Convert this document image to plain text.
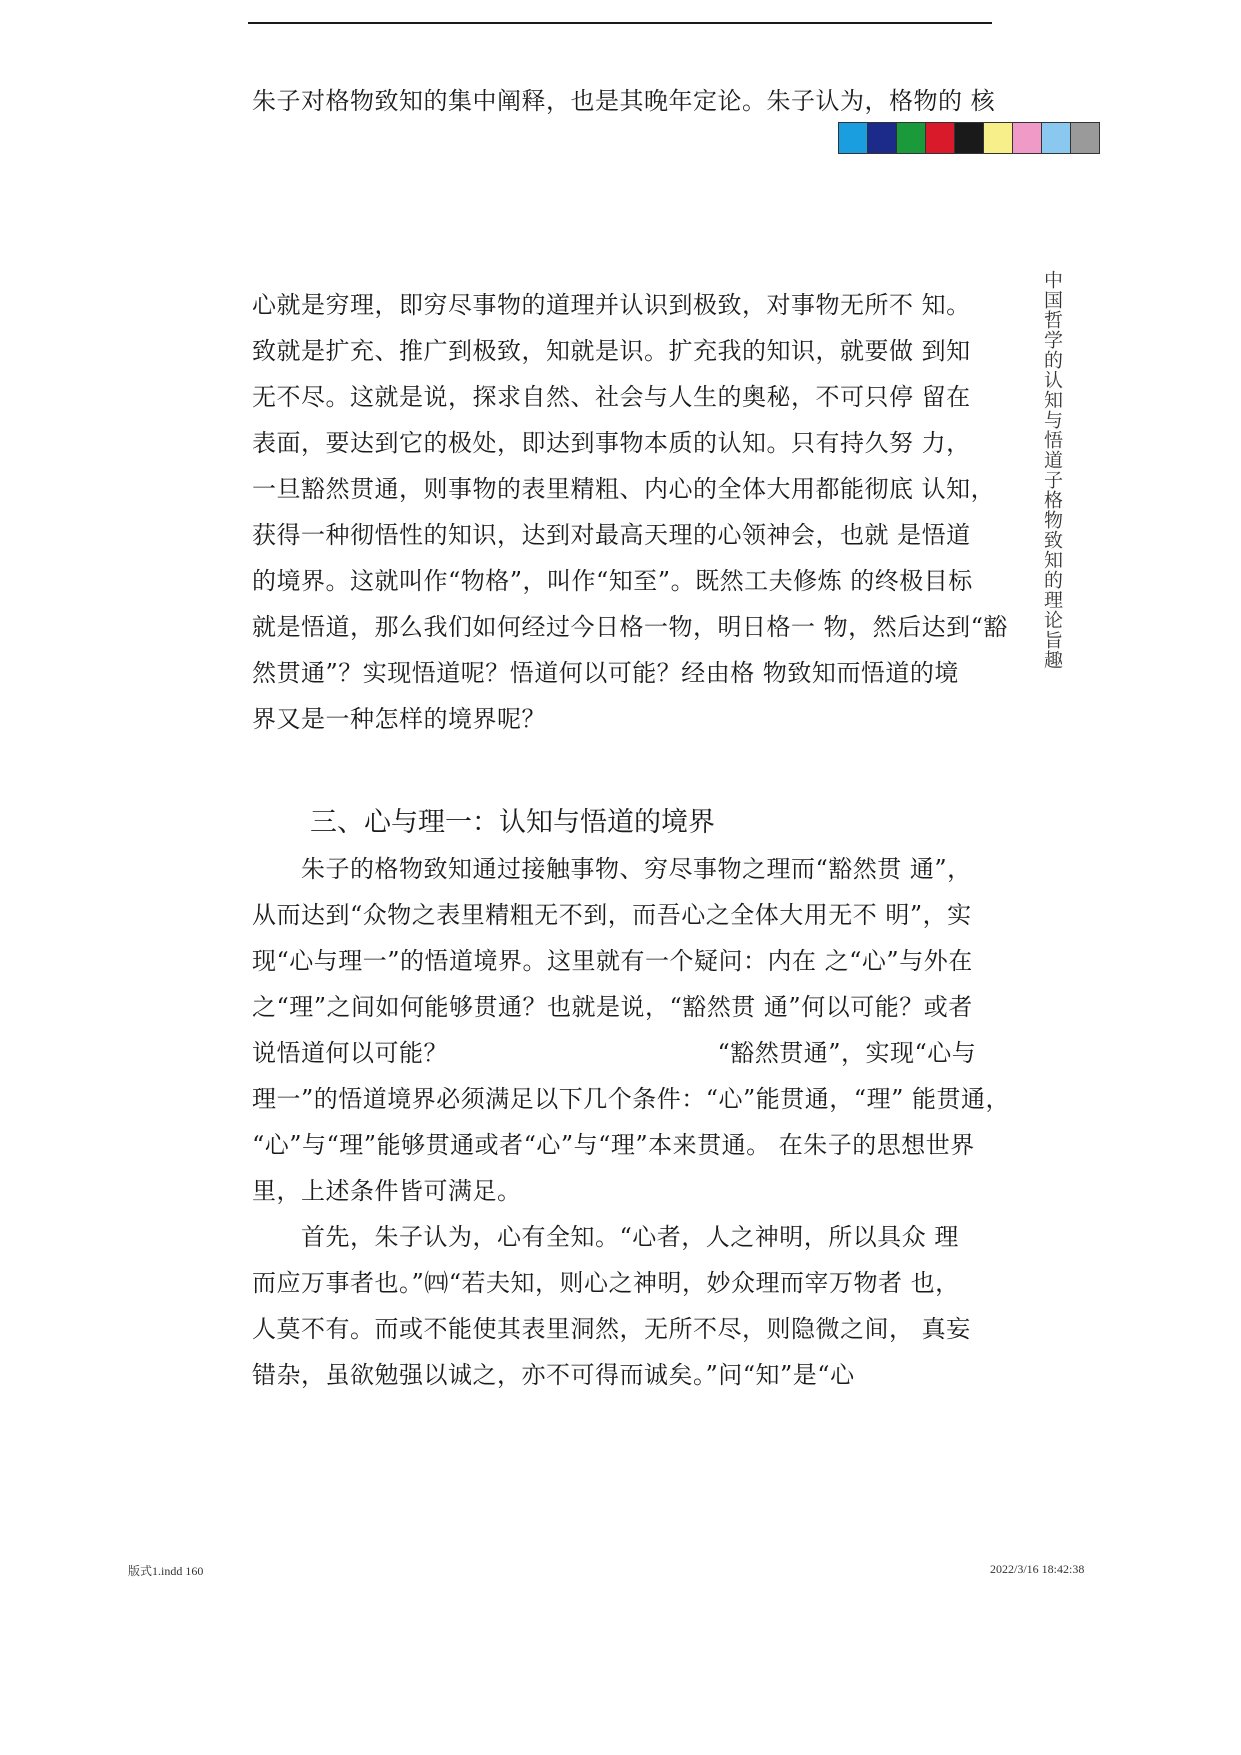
朱子对格物致知的集中阐释，也是其晚年定论。朱子认为，格物的 核
中国哲学的认知与悟道子格物致知的理论旨趣
心就是穷理，即穷尽事物的道理并认识到极致，对事物无所不 知。
致就是扩充、推广到极致，知就是识。扩充我的知识，就要做 到知
无不尽。这就是说，探求自然、社会与人生的奥秘，不可只停 留在
表面，要达到它的极处，即达到事物本质的认知。只有持久努 力，
一旦豁然贯通，则事物的表里精粗、内心的全体大用都能彻底 认知，
获得一种彻悟性的知识，达到对最高天理的心领神会，也就 是悟道
的境界。这就叫作“物格”，叫作“知至”。既然工夫修炼 的终极目标
就是悟道，那么我们如何经过今日格一物，明日格一 物，然后达到“豁
然贯通”？实现悟道呢？悟道何以可能？经由格 物致知而悟道的境
界又是一种怎样的境界呢？
三、心与理一：认知与悟道的境界
　　朱子的格物致知通过接触事物、穷尽事物之理而“豁然贯 通”，
从而达到“众物之表里精粗无不到，而吾心之全体大用无不 明”，实
现“心与理一”的悟道境界。这里就有一个疑问：内在 之“心”与外在
之“理”之间如何能够贯通？也就是说，“豁然贯 通”何以可能？或者
说悟道何以可能？　　　　　　　　　　　“豁然贯通”，实现“心与
理一”的悟道境界必须满足以下几个条件：“心”能贯通，“理” 能贯通，
“心”与“理”能够贯通或者“心”与“理”本来贯通。 在朱子的思想世界
里，上述条件皆可满足。
　　首先，朱子认为，心有全知。“心者，人之神明，所以具众 理
而应万事者也。”㈣“若夫知，则心之神明，妙众理而宰万物者 也，
人莫不有。而或不能使其表里洞然，无所不尽，则隐微之间， 真妄
错杂，虽欲勉强以诚之，亦不可得而诚矣。”问“知”是“心
版式1.indd 160	2022/3/16 18:42:38
